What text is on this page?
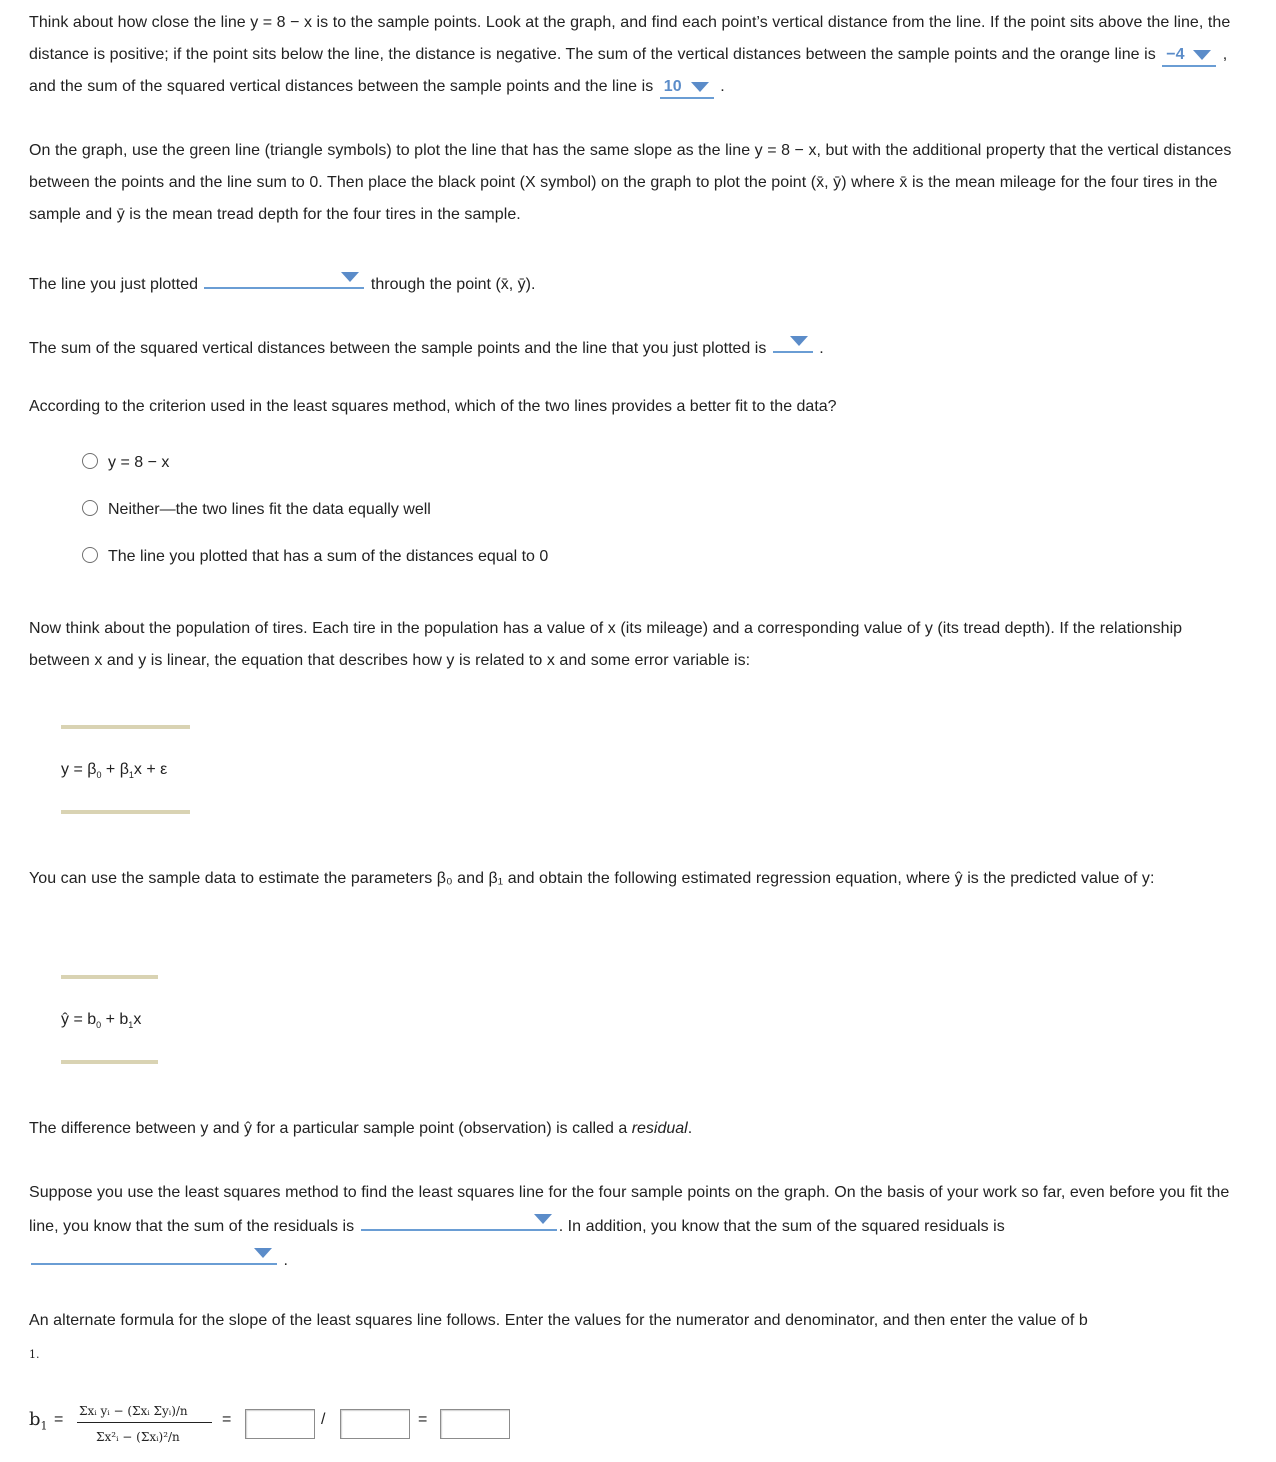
Think about how close the line y = 8 − x is to the sample points. Look at the graph, and find each point’s vertical distance from the line. If the point sits above the line, the distance is positive; if the point sits below the line, the distance is negative. The sum of the vertical distances between the sample points and the orange line is −4 , and the sum of the squared vertical distances between the sample points and the line is 10 .
On the graph, use the green line (triangle symbols) to plot the line that has the same slope as the line y = 8 − x, but with the additional property that the vertical distances between the points and the line sum to 0. Then place the black point (X symbol) on the graph to plot the point (x̄, ȳ) where x̄ is the mean mileage for the four tires in the sample and ȳ is the mean tread depth for the four tires in the sample.
The line you just plotted	through the point (x̄, ȳ).
The sum of the squared vertical distances between the sample points and the line that you just plotted is	.
According to the criterion used in the least squares method, which of the two lines provides a better fit to the data?
y = 8 − x
Neither—the two lines fit the data equally well
The line you plotted that has a sum of the distances equal to 0
Now think about the population of tires. Each tire in the population has a value of x (its mileage) and a corresponding value of y (its tread depth). If the relationship between x and y is linear, the equation that describes how y is related to x and some error variable is:
$y = \beta_0 + \beta_1x + \varepsilon$
You can use the sample data to estimate the parameters β₀ and β₁ and obtain the following estimated regression equation, where ŷ is the predicted value of y:
ŷ = $b_0 + b_1x$
The difference between y and ŷ for a particular sample point (observation) is called a residual.
Suppose you use the least squares method to find the least squares line for the four sample points on the graph. On the basis of your work so far, even before you fit the line, you know that the sum of the residuals is	. In addition, you know that the sum of the squared residuals is
.
An alternate formula for the slope of the least squares line follows. Enter the values for the numerator and denominator, and then enter the value of b
1.
$b_1$ = Σxᵢ yᵢ − (Σxᵢ Σyᵢ)/n
Σx²ᵢ − (Σxᵢ)²/n
=	/	=
